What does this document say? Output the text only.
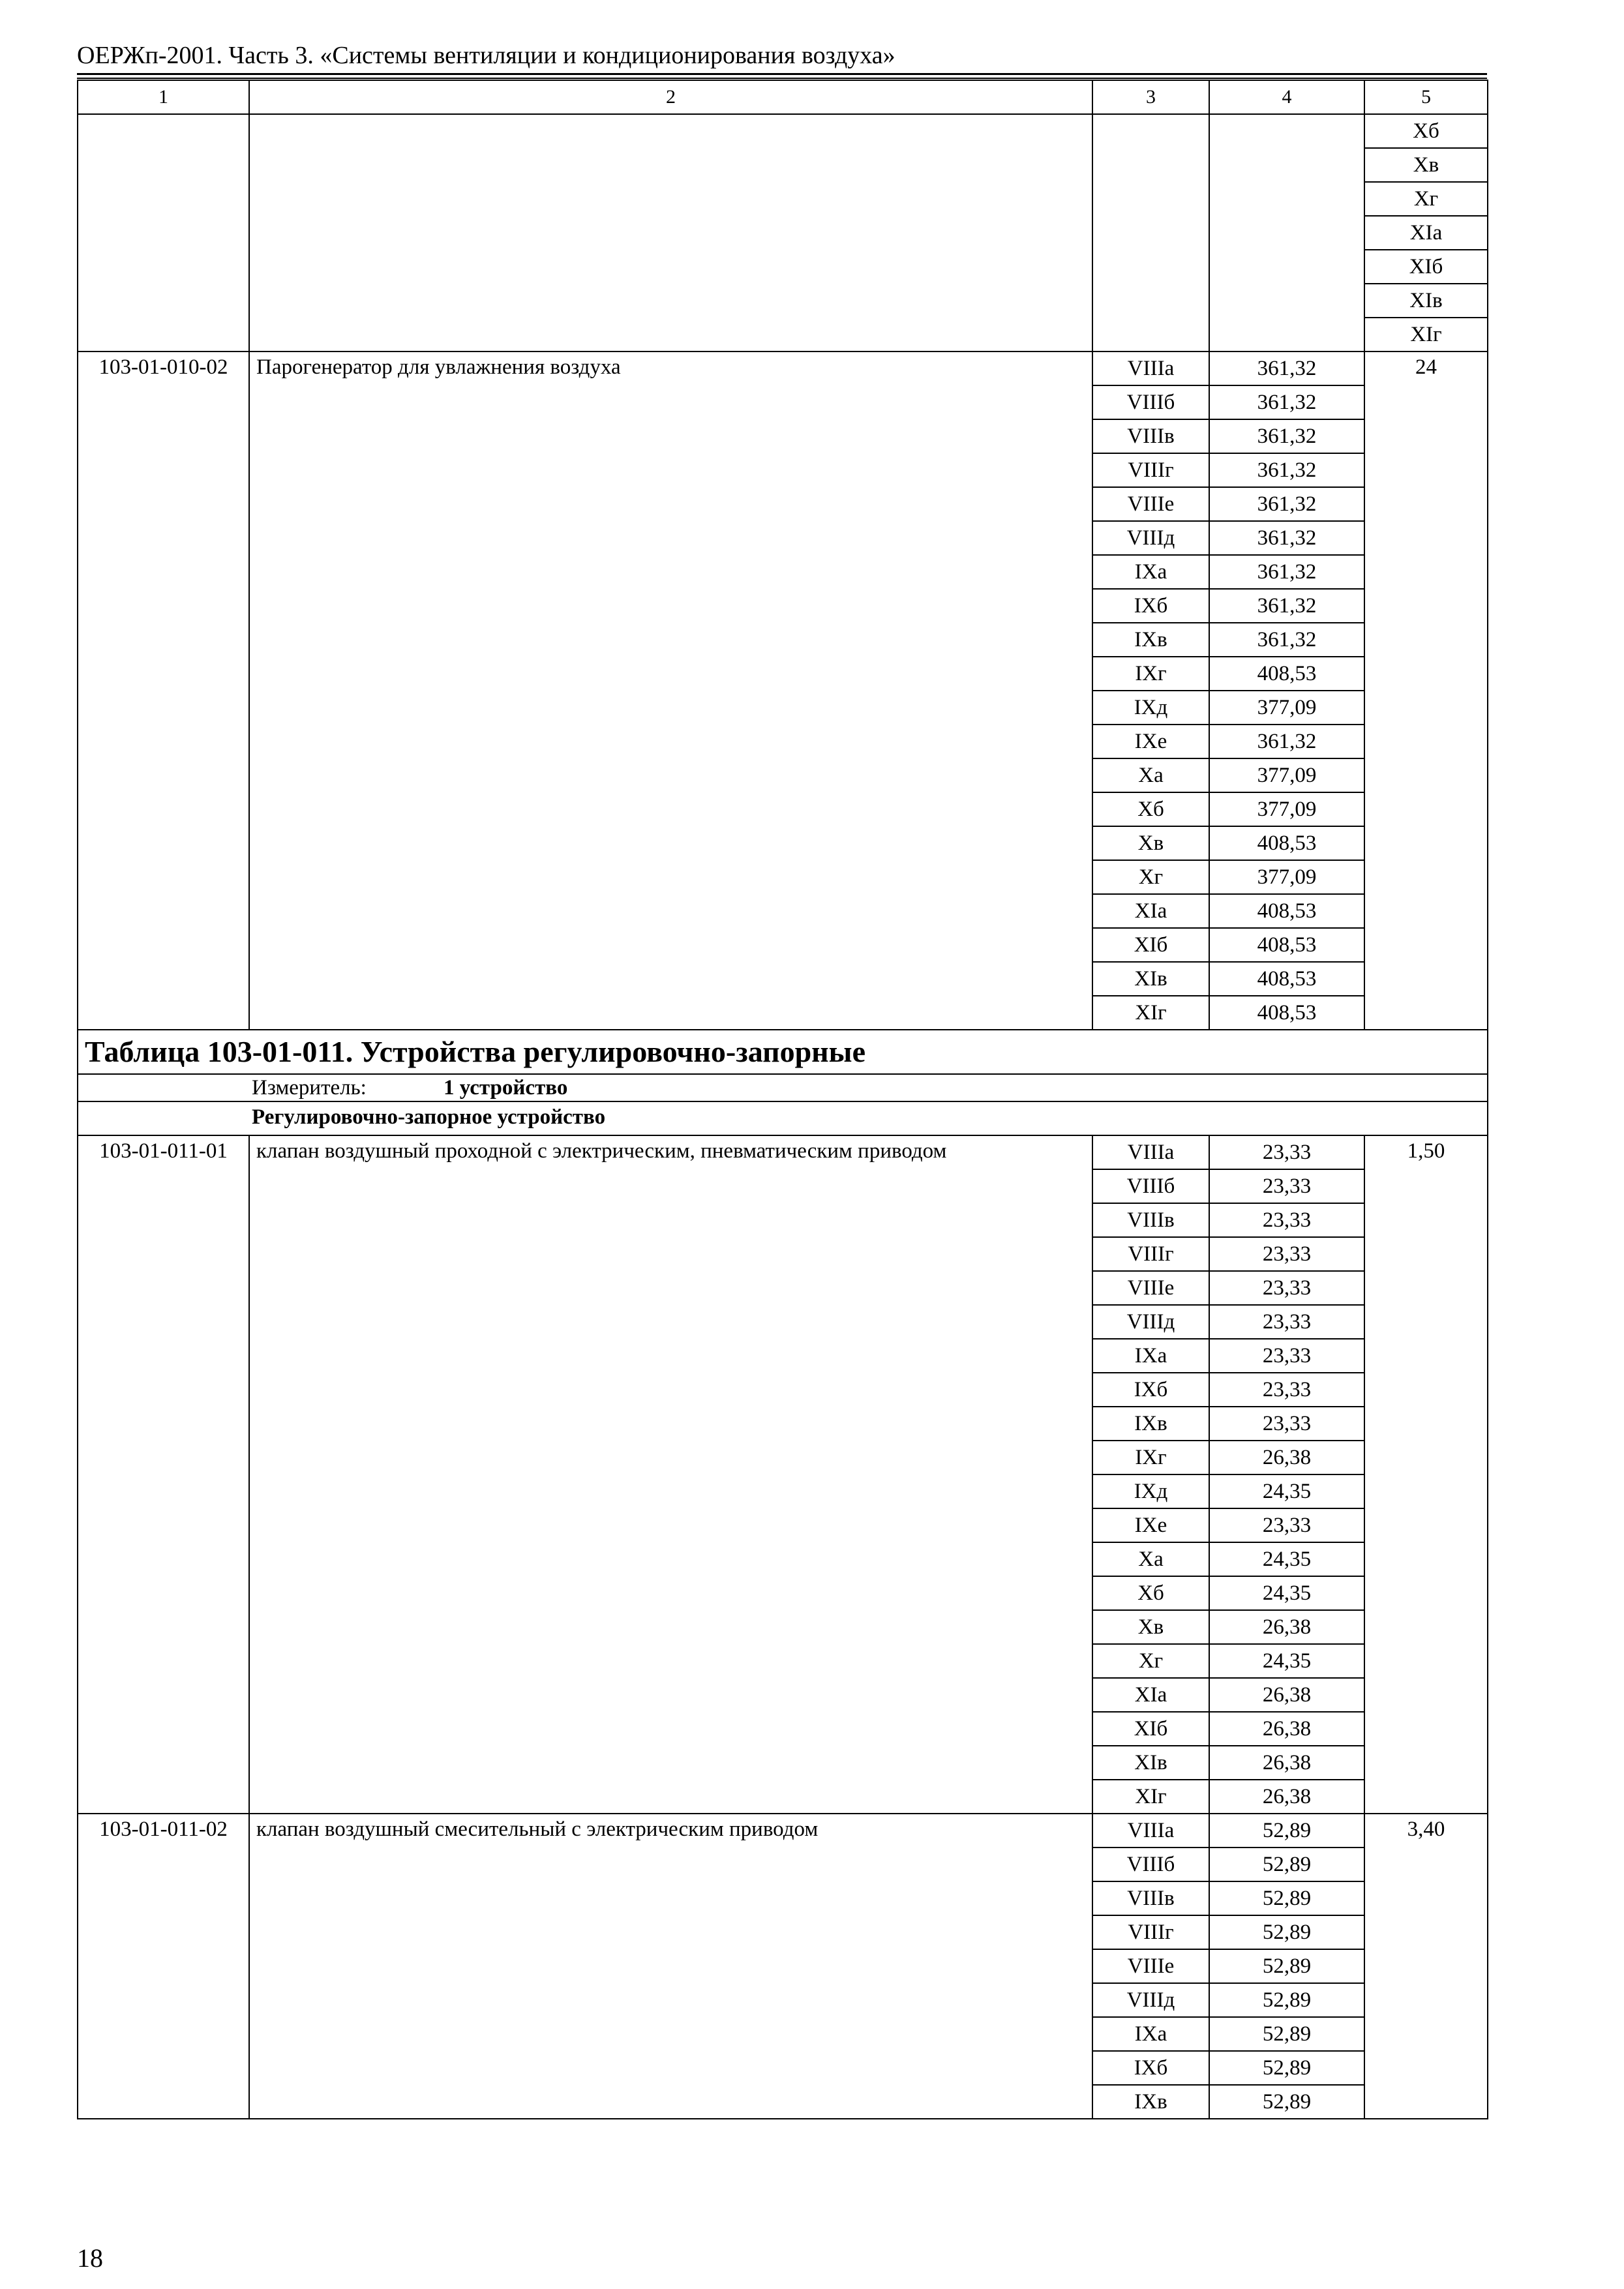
ОЕРЖп-2001. Часть 3. «Системы вентиляции и кондиционирования воздуха»
1	2	3	4	5	
				Xб			
				Xв	
				Xг	
				XIа	
				XIб	
				XIв	
				XIг	
103-01-010-02	Парогенератор для увлажнения воздуха	VIIIа	361,32	24	
		VIIIб	361,32		
		VIIIв	361,32		
		VIIIг	361,32		
		VIIIе	361,32		
		VIIIд	361,32		
		IXа	361,32		
		IXб	361,32		
		IXв	361,32		
		IXг	408,53		
		IXд	377,09		
		IXе	361,32		
		Xа	377,09		
		Xб	377,09		
		Xв	408,53		
		Xг	377,09		
		XIа	408,53		
		XIб	408,53		
		XIв	408,53		
		XIг	408,53		
Таблица 103-01-011. Устройства регулировочно-запорные					
Измеритель: 1 устройство					
Регулировочно-запорное устройство					
103-01-011-01	клапан воздушный проходной с электрическим, пневматическим приводом	VIIIа	23,33	1,50	
		VIIIб	23,33		
		VIIIв	23,33		
		VIIIг	23,33		
		VIIIе	23,33		
		VIIIд	23,33		
		IXа	23,33		
		IXб	23,33		
		IXв	23,33		
		IXг	26,38		
		IXд	24,35		
		IXе	23,33		
		Xа	24,35		
		Xб	24,35		
		Xв	26,38		
		Xг	24,35		
		XIа	26,38		
		XIб	26,38		
		XIв	26,38		
		XIг	26,38		
103-01-011-02	клапан воздушный смесительный с электрическим приводом	VIIIа	52,89	3,40	
		VIIIб	52,89		
		VIIIв	52,89		
		VIIIг	52,89		
		VIIIе	52,89		
		VIIIд	52,89		
		IXа	52,89		
		IXб	52,89		
		IXв	52,89		
18
